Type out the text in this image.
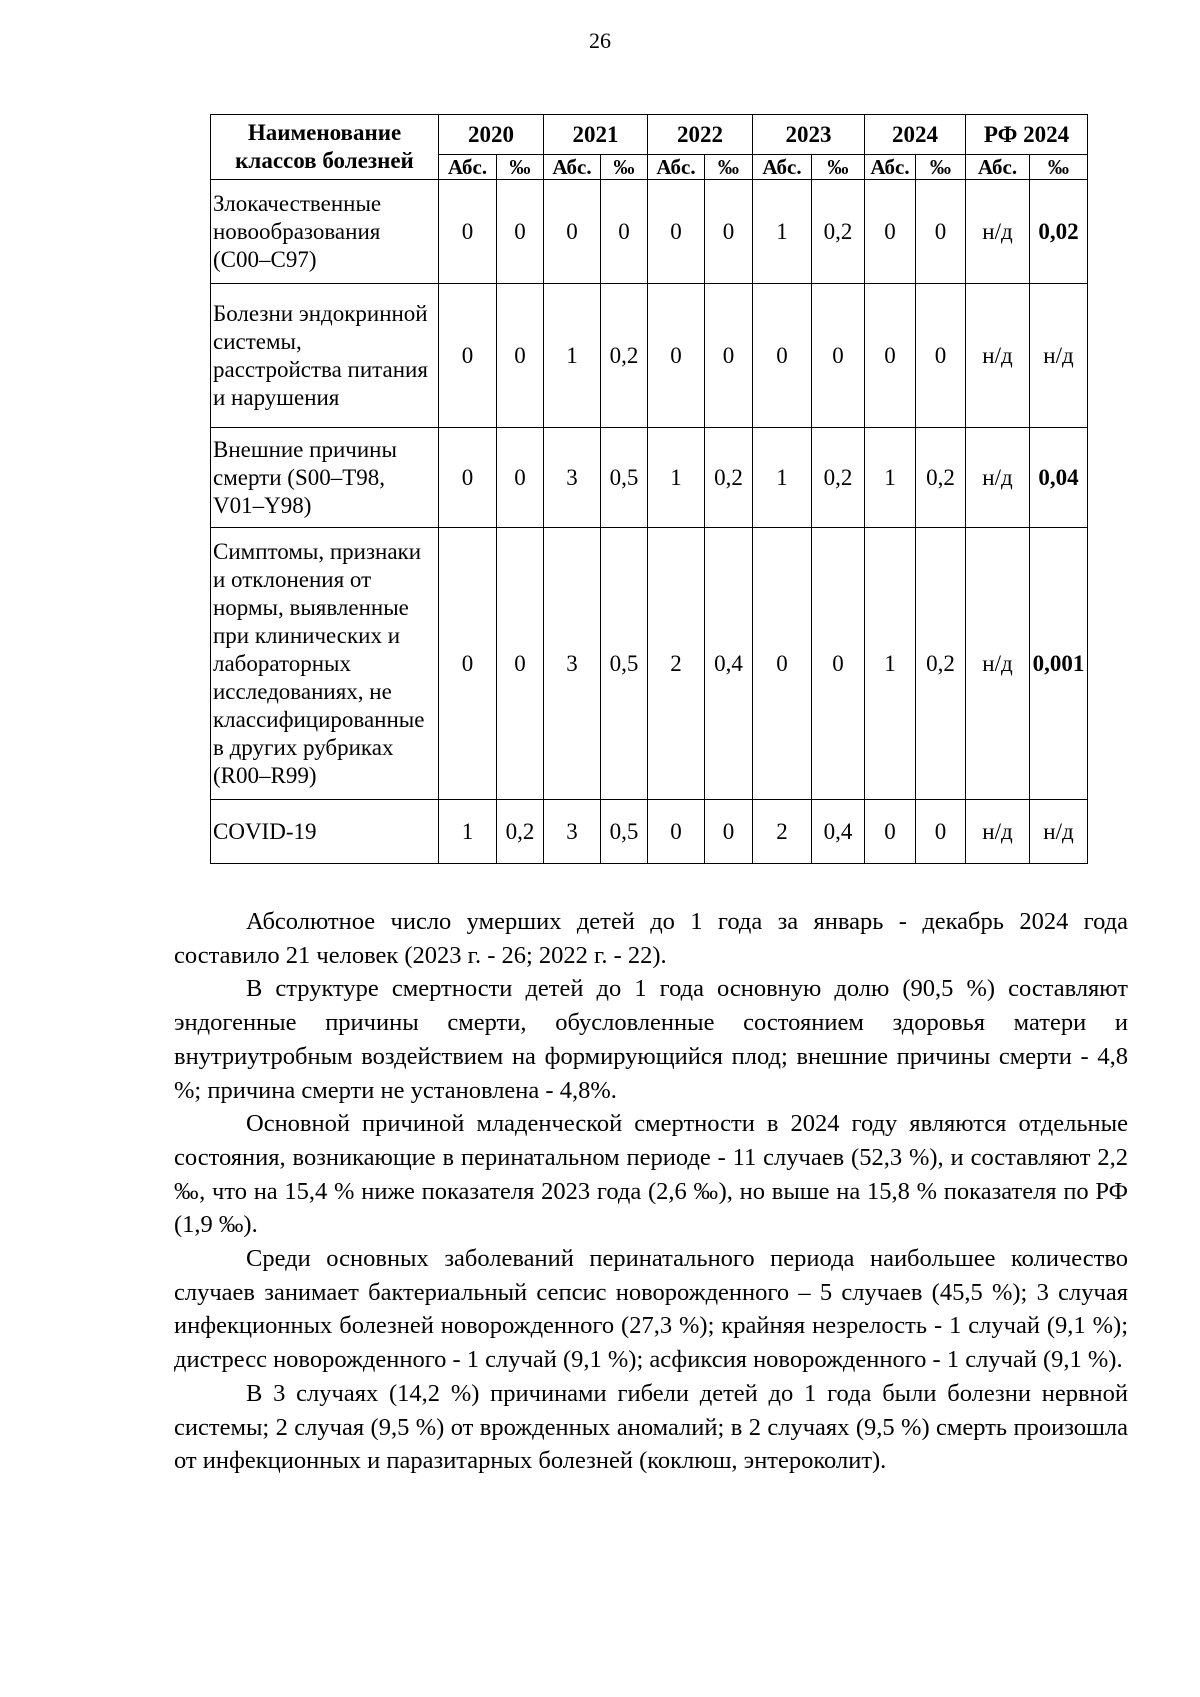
26
Наименование классов болезней	2020		2021		2022		2023		2024		РФ 2024	
	Абс.	‰	Абс.	‰	Абс.	‰	Абс.	‰	Абс.	‰	Абс.	‰
Злокачественные новообразования (С00–С97)	0	0	0	0	0	0	1	0,2	0	0	н/д	0,02
Болезни эндокринной системы, расстройства питания и нарушения	0	0	1	0,2	0	0	0	0	0	0	н/д	н/д
Внешние причины смерти (S00–T98, V01–Y98)	0	0	3	0,5	1	0,2	1	0,2	1	0,2	н/д	0,04
Симптомы, признаки и отклонения от нормы, выявленные при клинических и лабораторных исследованиях, не классифицированные в других рубриках (R00–R99)	0	0	3	0,5	2	0,4	0	0	1	0,2	н/д	0,001
COVID-19	1	0,2	3	0,5	0	0	2	0,4	0	0	н/д	н/д

Абсолютное число умерших детей до 1 года за январь - декабрь 2024 года составило 21 человек (2023 г. - 26; 2022 г. - 22).

В структуре смертности детей до 1 года основную долю (90,5 %) составляют эндогенные причины смерти, обусловленные состоянием здоровья матери и внутриутробным воздействием на формирующийся плод; внешние причины смерти - 4,8 %; причина смерти не установлена - 4,8%.

Основной причиной младенческой смертности в 2024 году являются отдельные состояния, возникающие в перинатальном периоде - 11 случаев (52,3 %), и составляют 2,2 ‰, что на 15,4 % ниже показателя 2023 года (2,6 ‰), но выше на 15,8 % показателя по РФ (1,9 ‰).

Среди основных заболеваний перинатального периода наибольшее количество случаев занимает бактериальный сепсис новорожденного – 5 случаев (45,5 %); 3 случая инфекционных болезней новорожденного (27,3 %); крайняя незрелость - 1 случай (9,1 %); дистресс новорожденного - 1 случай (9,1 %); асфиксия новорожденного - 1 случай (9,1 %).

В 3 случаях (14,2 %) причинами гибели детей до 1 года были болезни нервной системы; 2 случая (9,5 %) от врожденных аномалий; в 2 случаях (9,5 %) смерть произошла от инфекционных и паразитарных болезней (коклюш, энтероколит).
